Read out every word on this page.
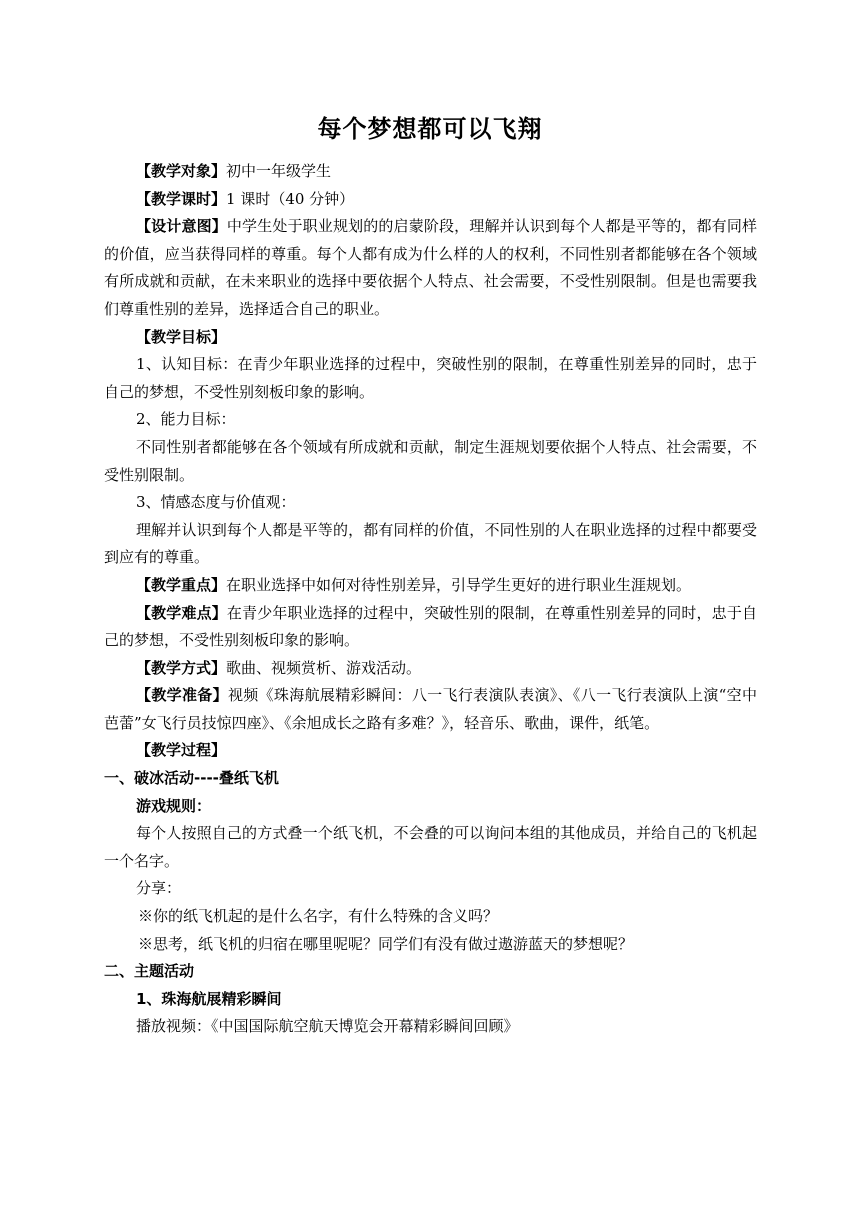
每个梦想都可以飞翔

【教学对象】初中一年级学生

【教学课时】1 课时（40 分钟）

【设计意图】中学生处于职业规划的的启蒙阶段，理解并认识到每个人都是平等的，都有同样的价值，应当获得同样的尊重。每个人都有成为什么样的人的权利，不同性别者都能够在各个领域有所成就和贡献，在未来职业的选择中要依据个人特点、社会需要，不受性别限制。但是也需要我们尊重性别的差异，选择适合自己的职业。

【教学目标】

1、认知目标：在青少年职业选择的过程中，突破性别的限制，在尊重性别差异的同时，忠于自己的梦想，不受性别刻板印象的影响。

2、能力目标：

不同性别者都能够在各个领域有所成就和贡献，制定生涯规划要依据个人特点、社会需要，不受性别限制。

3、情感态度与价值观：

理解并认识到每个人都是平等的，都有同样的价值，不同性别的人在职业选择的过程中都要受到应有的尊重。

【教学重点】在职业选择中如何对待性别差异，引导学生更好的进行职业生涯规划。

【教学难点】在青少年职业选择的过程中，突破性别的限制，在尊重性别差异的同时，忠于自己的梦想，不受性别刻板印象的影响。

【教学方式】歌曲、视频赏析、游戏活动。

【教学准备】视频《珠海航展精彩瞬间：八一飞行表演队表演》、《八一飞行表演队上演“空中芭蕾”女飞行员技惊四座》、《余旭成长之路有多难？》，轻音乐、歌曲，课件，纸笔。

【教学过程】

一、破冰活动----叠纸飞机

游戏规则：

每个人按照自己的方式叠一个纸飞机，不会叠的可以询问本组的其他成员，并给自己的飞机起一个名字。

分享：

※你的纸飞机起的是什么名字，有什么特殊的含义吗？

※思考，纸飞机的归宿在哪里呢呢？同学们有没有做过遨游蓝天的梦想呢？

二、主题活动

1、珠海航展精彩瞬间

播放视频：《中国国际航空航天博览会开幕精彩瞬间回顾》
